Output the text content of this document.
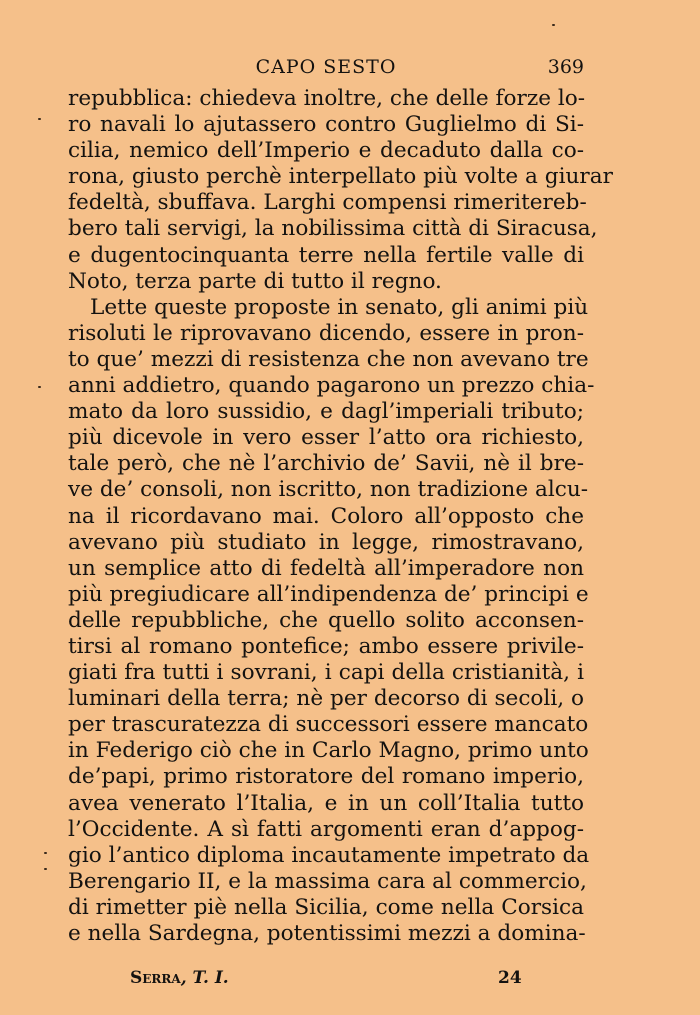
CAPO SESTO	369
repubblica: chiedeva inoltre, che delle forze lo-
ro navali lo ajutassero contro Guglielmo di Si-
cilia, nemico dell’Imperio e decaduto dalla co-
rona, giusto perchè interpellato più volte a giurar
fedeltà, sbuffava. Larghi compensi rimeritereb-
bero tali servigi, la nobilissima città di Siracusa,
e dugentocinquanta terre nella fertile valle di
Noto, terza parte di tutto il regno.
Lette queste proposte in senato, gli animi più
risoluti le riprovavano dicendo, essere in pron-
to que’ mezzi di resistenza che non avevano tre
anni addietro, quando pagarono un prezzo chia-
mato da loro sussidio, e dagl’imperiali tributo;
più dicevole in vero esser l’atto ora richiesto,
tale però, che nè l’archivio de’ Savii, nè il bre-
ve de’ consoli, non iscritto, non tradizione alcu-
na il ricordavano mai. Coloro all’opposto che
avevano più studiato in legge, rimostravano,
un semplice atto di fedeltà all’imperadore non
più pregiudicare all’indipendenza de’ principi e
delle repubbliche, che quello solito acconsen-
tirsi al romano pontefice; ambo essere privile-
giati fra tutti i sovrani, i capi della cristianità, i
luminari della terra; nè per decorso di secoli, o
per trascuratezza di successori essere mancato
in Federigo ciò che in Carlo Magno, primo unto
de’papi, primo ristoratore del romano imperio,
avea venerato l’Italia, e in un coll’Italia tutto
l’Occidente. A sì fatti argomenti eran d’appog-
gio l’antico diploma incautamente impetrato da
Berengario II, e la massima cara al commercio,
di rimetter piè nella Sicilia, come nella Corsica
e nella Sardegna, potentissimi mezzi a domina-
Serra, T. I.	24
